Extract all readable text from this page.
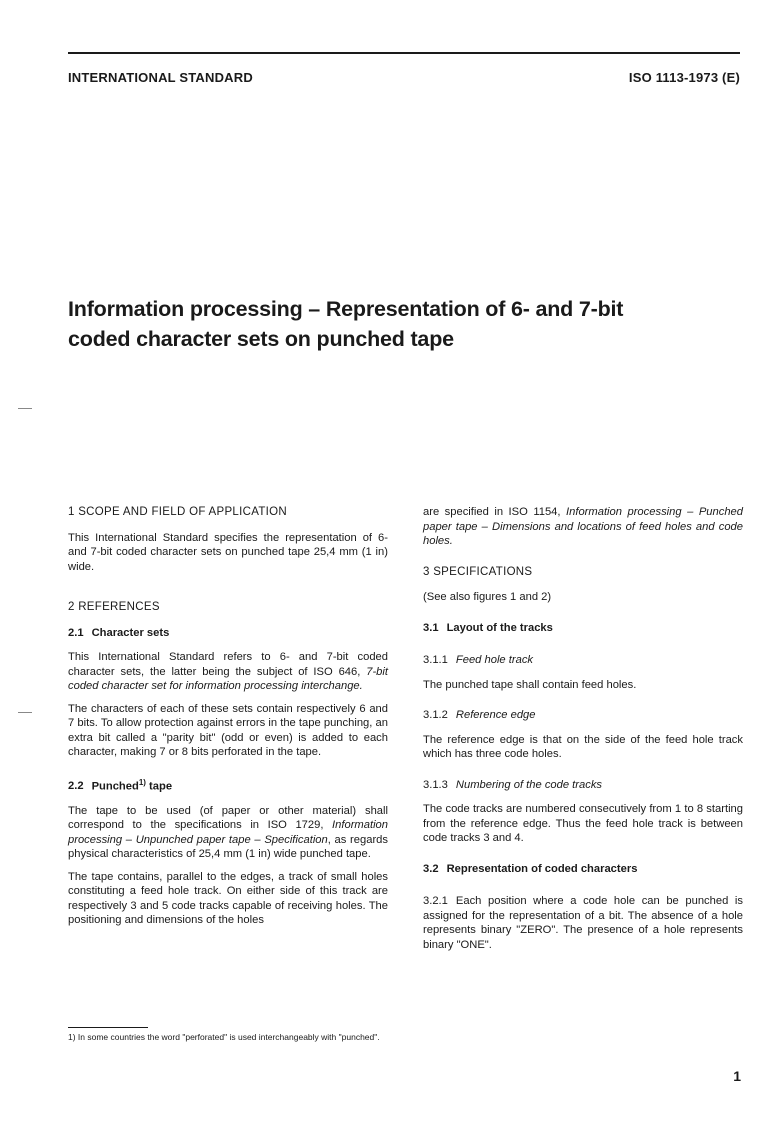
INTERNATIONAL STANDARD	ISO 1113-1973 (E)
Information processing – Representation of 6- and 7-bit
coded character sets on punched tape
1 SCOPE AND FIELD OF APPLICATION

This International Standard specifies the representation of 6- and 7-bit coded character sets on punched tape 25,4 mm (1 in) wide.

2 REFERENCES
2.1 Character sets

This International Standard refers to 6- and 7-bit coded character sets, the latter being the subject of ISO 646, 7-bit coded character set for information processing interchange.

The characters of each of these sets contain respectively 6 and 7 bits. To allow protection against errors in the tape punching, an extra bit called a "parity bit" (odd or even) is added to each character, making 7 or 8 bits perforated in the tape.

2.2 Punched$^{1)}$ tape

The tape to be used (of paper or other material) shall correspond to the specifications in ISO 1729, Information processing – Unpunched paper tape – Specification, as regards physical characteristics of 25,4 mm (1 in) wide punched tape.

The tape contains, parallel to the edges, a track of small holes constituting a feed hole track. On either side of this track are respectively 3 and 5 code tracks capable of receiving holes. The positioning and dimensions of the holes

are specified in ISO 1154, Information processing – Punched paper tape – Dimensions and locations of feed holes and code holes.

3 SPECIFICATIONS

(See also figures 1 and 2)

3.1 Layout of the tracks
3.1.1 Feed hole track

The punched tape shall contain feed holes.

3.1.2 Reference edge

The reference edge is that on the side of the feed hole track which has three code holes.

3.1.3 Numbering of the code tracks

The code tracks are numbered consecutively from 1 to 8 starting from the reference edge. Thus the feed hole track is between code tracks 3 and 4.

3.2 Representation of coded characters

3.2.1 Each position where a code hole can be punched is assigned for the representation of a bit. The absence of a hole represents binary "ZERO". The presence of a hole represents binary "ONE".

1) In some countries the word "perforated" is used interchangeably with "punched".
1
